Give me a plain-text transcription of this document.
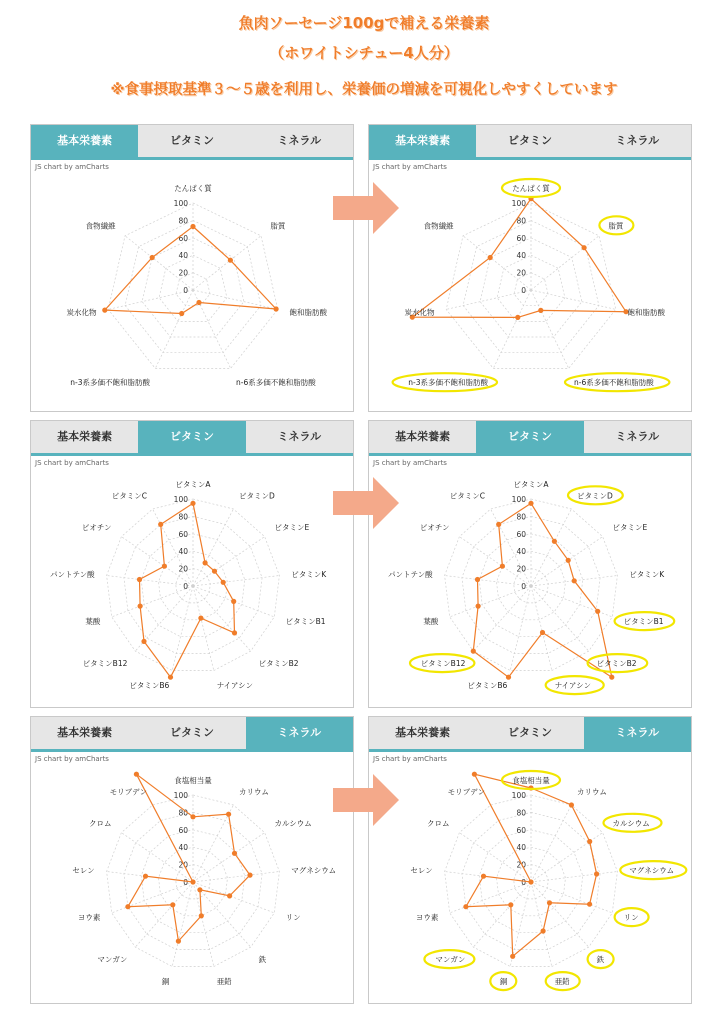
魚肉ソーセージ100gで補える栄養素
（ホワイトシチュー4人分）
※食事摂取基準３～５歳を利用し、栄養価の増減を可視化しやすくしています
基本栄養素	ビタミン	ミネラル
JS chart by amCharts
0
20
40
60
80
100
たんぱく質
脂質
飽和脂肪酸
n-6系多価不飽和脂肪酸
n-3系多価不飽和脂肪酸
炭水化物
食物繊維
基本栄養素	ビタミン	ミネラル
JS chart by amCharts
0
20
40
60
80
100
たんぱく質
脂質
飽和脂肪酸
n-6系多価不飽和脂肪酸
n-3系多価不飽和脂肪酸
炭水化物
食物繊維
基本栄養素	ビタミン	ミネラル
JS chart by amCharts
0
20
40
60
80
100
ビタミンA
ビタミンD
ビタミンE
ビタミンK
ビタミンB1
ビタミンB2
ナイアシン
ビタミンB6
ビタミンB12
葉酸
パントテン酸
ビオチン
ビタミンC
基本栄養素	ビタミン	ミネラル
JS chart by amCharts
0
20
40
60
80
100
ビタミンA
ビタミンD
ビタミンE
ビタミンK
ビタミンB1
ビタミンB2
ナイアシン
ビタミンB6
ビタミンB12
葉酸
パントテン酸
ビオチン
ビタミンC
基本栄養素	ビタミン	ミネラル
JS chart by amCharts
0
20
40
60
80
100
食塩相当量
カリウム
カルシウム
マグネシウム
リン
鉄
亜鉛
銅
マンガン
ヨウ素
セレン
クロム
モリブデン
基本栄養素	ビタミン	ミネラル
JS chart by amCharts
0
20
40
60
80
100
食塩相当量
カリウム
カルシウム
マグネシウム
リン
鉄
亜鉛
銅
マンガン
ヨウ素
セレン
クロム
モリブデン
